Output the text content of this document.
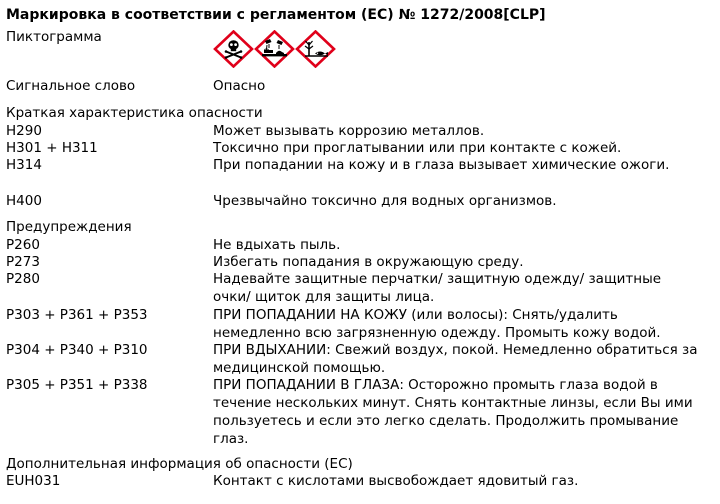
Маркировка в соответствии с регламентом (EC) № 1272/2008[CLP]
Пиктограмма
Сигнальное слово	Опасно
Краткая характеристика опасности
H290	Может вызывать коррозию металлов.
H301 + H311	Токсично при проглатывании или при контакте с кожей.
H314	При попадании на кожу и в глаза вызывает химические ожоги.
H400	Чрезвычайно токсично для водных организмов.
Предупреждения
P260	Не вдыхать пыль.
P273	Избегать попадания в окружающую среду.
P280	Надевайте защитные перчатки/ защитную одежду/ защитные очки/ щиток для защиты лица.
P303 + P361 + P353	ПРИ ПОПАДАНИИ НА КОЖУ (или волосы): Снять/удалить немедленно всю загрязненную одежду. Промыть кожу водой.
P304 + P340 + P310	ПРИ ВДЫХАНИИ: Свежий воздух, покой. Немедленно обратиться за медицинской помощью.
P305 + P351 + P338	ПРИ ПОПАДАНИИ В ГЛАЗА: Осторожно промыть глаза водой в течение нескольких минут. Снять контактные линзы, если Вы ими пользуетесь и если это легко сделать. Продолжить промывание глаз.
Дополнительная информация об опасности (EC)
EUH031	Контакт с кислотами высвобождает ядовитый газ.
